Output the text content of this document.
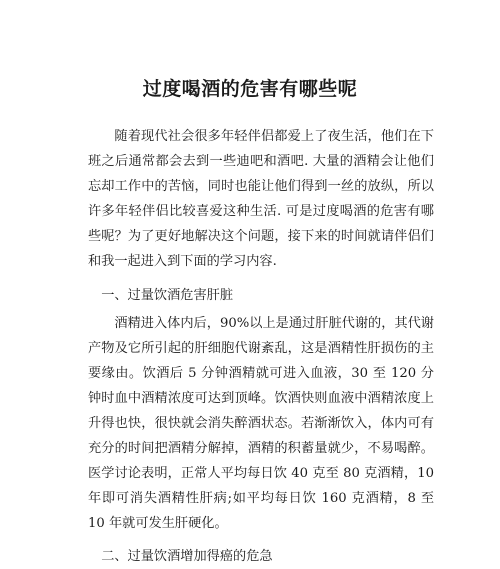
过度喝酒的危害有哪些呢

随着现代社会很多年轻伴侣都爱上了夜生活，他们在下班之后通常都会去到一些迪吧和酒吧. 大量的酒精会让他们忘却工作中的苦恼，同时也能让他们得到一丝的放纵，所以许多年轻伴侣比较喜爱这种生活. 可是过度喝酒的危害有哪些呢？为了更好地解决这个问题，接下来的时间就请伴侣们和我一起进入到下面的学习内容.

一、过量饮酒危害肝脏

酒精进入体内后，90%以上是通过肝脏代谢的，其代谢产物及它所引起的肝细胞代谢紊乱，这是酒精性肝损伤的主要缘由。饮酒后 5 分钟酒精就可进入血液，30 至 120 分钟时血中酒精浓度可达到顶峰。饮酒快则血液中酒精浓度上升得也快，很快就会消失醉酒状态。若渐渐饮入，体内可有充分的时间把酒精分解掉，酒精的积蓄量就少，不易喝醉。医学讨论表明，正常人平均每日饮 40 克至 80 克酒精，10 年即可消失酒精性肝病;如平均每日饮 160 克酒精，8 至 10 年就可发生肝硬化。

二、过量饮酒增加得癌的危急
